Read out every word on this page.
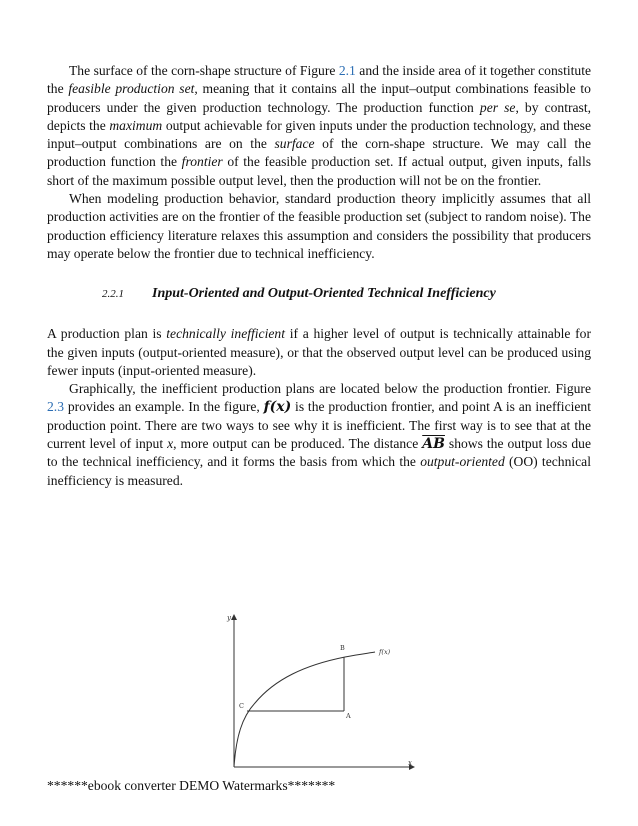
The surface of the corn-shape structure of Figure 2.1 and the inside area of it together constitute the feasible production set, meaning that it contains all the input–output combinations feasible to producers under the given production technology. The production function per se, by contrast, depicts the maximum output achievable for given inputs under the production technology, and these input–output combinations are on the surface of the corn-shape structure. We may call the production function the frontier of the feasible production set. If actual output, given inputs, falls short of the maximum possible output level, then the production will not be on the frontier.

When modeling production behavior, standard production theory implicitly assumes that all production activities are on the frontier of the feasible production set (subject to random noise). The production efficiency literature relaxes this assumption and considers the possibility that producers may operate below the frontier due to technical inefficiency.

2.2.1 Input-Oriented and Output-Oriented Technical Inefficiency

A production plan is technically inefficient if a higher level of output is technically attainable for the given inputs (output-oriented measure), or that the observed output level can be produced using fewer inputs (input-oriented measure).

Graphically, the inefficient production plans are located below the production frontier. Figure 2.3 provides an example. In the figure, f(x) is the production frontier, and point A is an inefficient production point. There are two ways to see why it is inefficient. The first way is to see that at the current level of input x, more output can be produced. The distance $\overline{AB}$ shows the output loss due to the technical inefficiency, and it forms the basis from which the output-oriented (OO) technical inefficiency is measured.

y
x
f(x)
B
A
C
******ebook converter DEMO Watermarks*******
